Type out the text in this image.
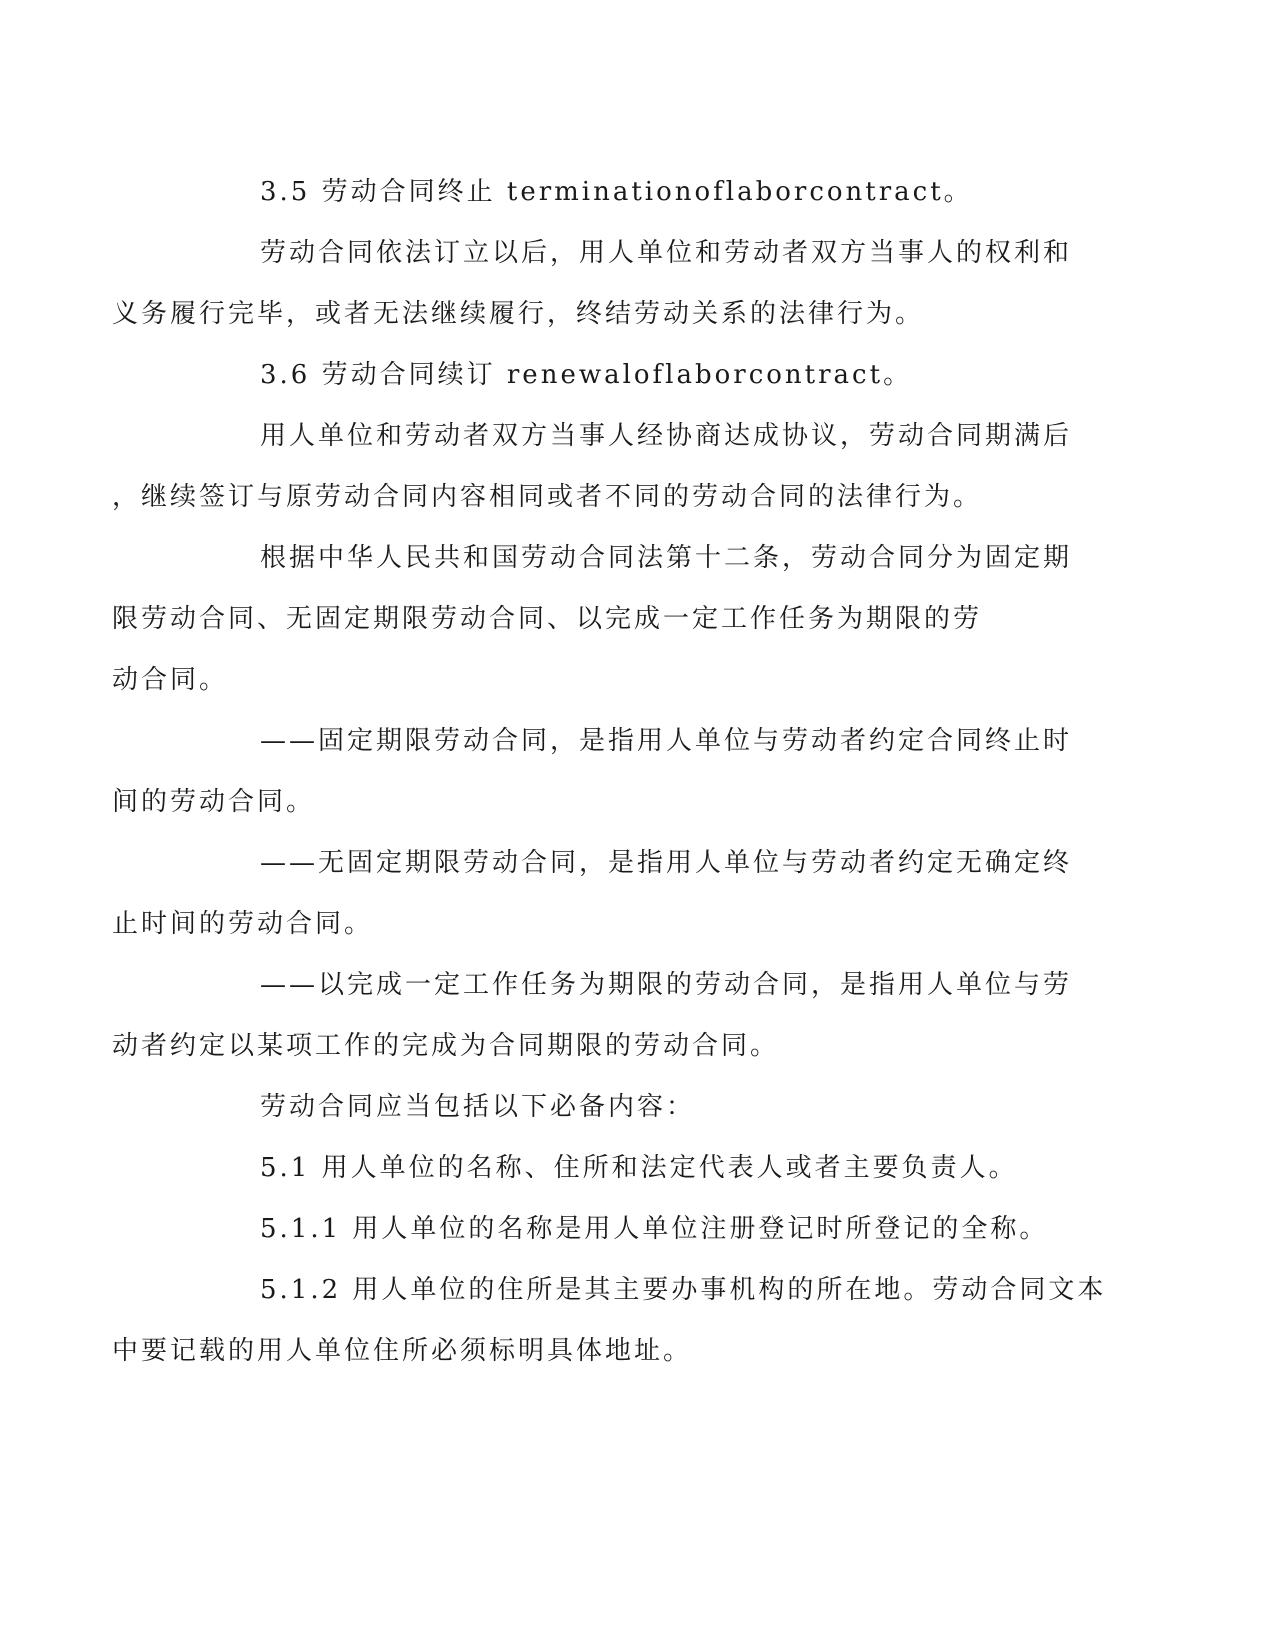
3.5 劳动合同终止 terminationoflaborcontract。

劳动合同依法订立以后，用人单位和劳动者双方当事人的权利和
义务履行完毕，或者无法继续履行，终结劳动关系的法律行为。

3.6 劳动合同续订 renewaloflaborcontract。

用人单位和劳动者双方当事人经协商达成协议，劳动合同期满后
，继续签订与原劳动合同内容相同或者不同的劳动合同的法律行为。

根据中华人民共和国劳动合同法第十二条，劳动合同分为固定期
限劳动合同、无固定期限劳动合同、以完成一定工作任务为期限的劳
动合同。

——固定期限劳动合同，是指用人单位与劳动者约定合同终止时
间的劳动合同。

——无固定期限劳动合同，是指用人单位与劳动者约定无确定终
止时间的劳动合同。

——以完成一定工作任务为期限的劳动合同，是指用人单位与劳
动者约定以某项工作的完成为合同期限的劳动合同。

劳动合同应当包括以下必备内容：

5.1 用人单位的名称、住所和法定代表人或者主要负责人。

5.1.1 用人单位的名称是用人单位注册登记时所登记的全称。

5.1.2 用人单位的住所是其主要办事机构的所在地。劳动合同文本
中要记载的用人单位住所必须标明具体地址。
